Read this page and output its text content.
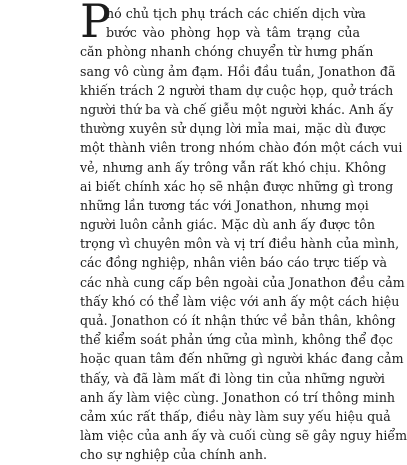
P
hó chủ tịch phụ trách các chiến dịch vừa
bước vào phòng họp và tâm trạng của
căn phòng nhanh chóng chuyển từ hưng phấn
sang vô cùng ảm đạm. Hồi đầu tuần, Jonathon đã
khiến trách 2 người tham dự cuộc họp, quở trách
người thứ ba và chế giễu một người khác. Anh ấy
thường xuyên sử dụng lời mỉa mai, mặc dù được
một thành viên trong nhóm chào đón một cách vui
vẻ, nhưng anh ấy trông vẫn rất khó chịu. Không
ai biết chính xác họ sẽ nhận được những gì trong
những lần tương tác với Jonathon, nhưng mọi
người luôn cảnh giác. Mặc dù anh ấy được tôn
trọng vì chuyên môn và vị trí điều hành của mình,
các đồng nghiệp, nhân viên báo cáo trực tiếp và
các nhà cung cấp bên ngoài của Jonathon đều cảm
thấy khó có thể làm việc với anh ấy một cách hiệu
quả. Jonathon có ít nhận thức về bản thân, không
thể kiểm soát phản ứng của mình, không thể đọc
hoặc quan tâm đến những gì người khác đang cảm
thấy, và đã làm mất đi lòng tin của những người
anh ấy làm việc cùng. Jonathon có trí thông minh
cảm xúc rất thấp, điều này làm suy yếu hiệu quả
làm việc của anh ấy và cuối cùng sẽ gây nguy hiểm
cho sự nghiệp của chính anh.
